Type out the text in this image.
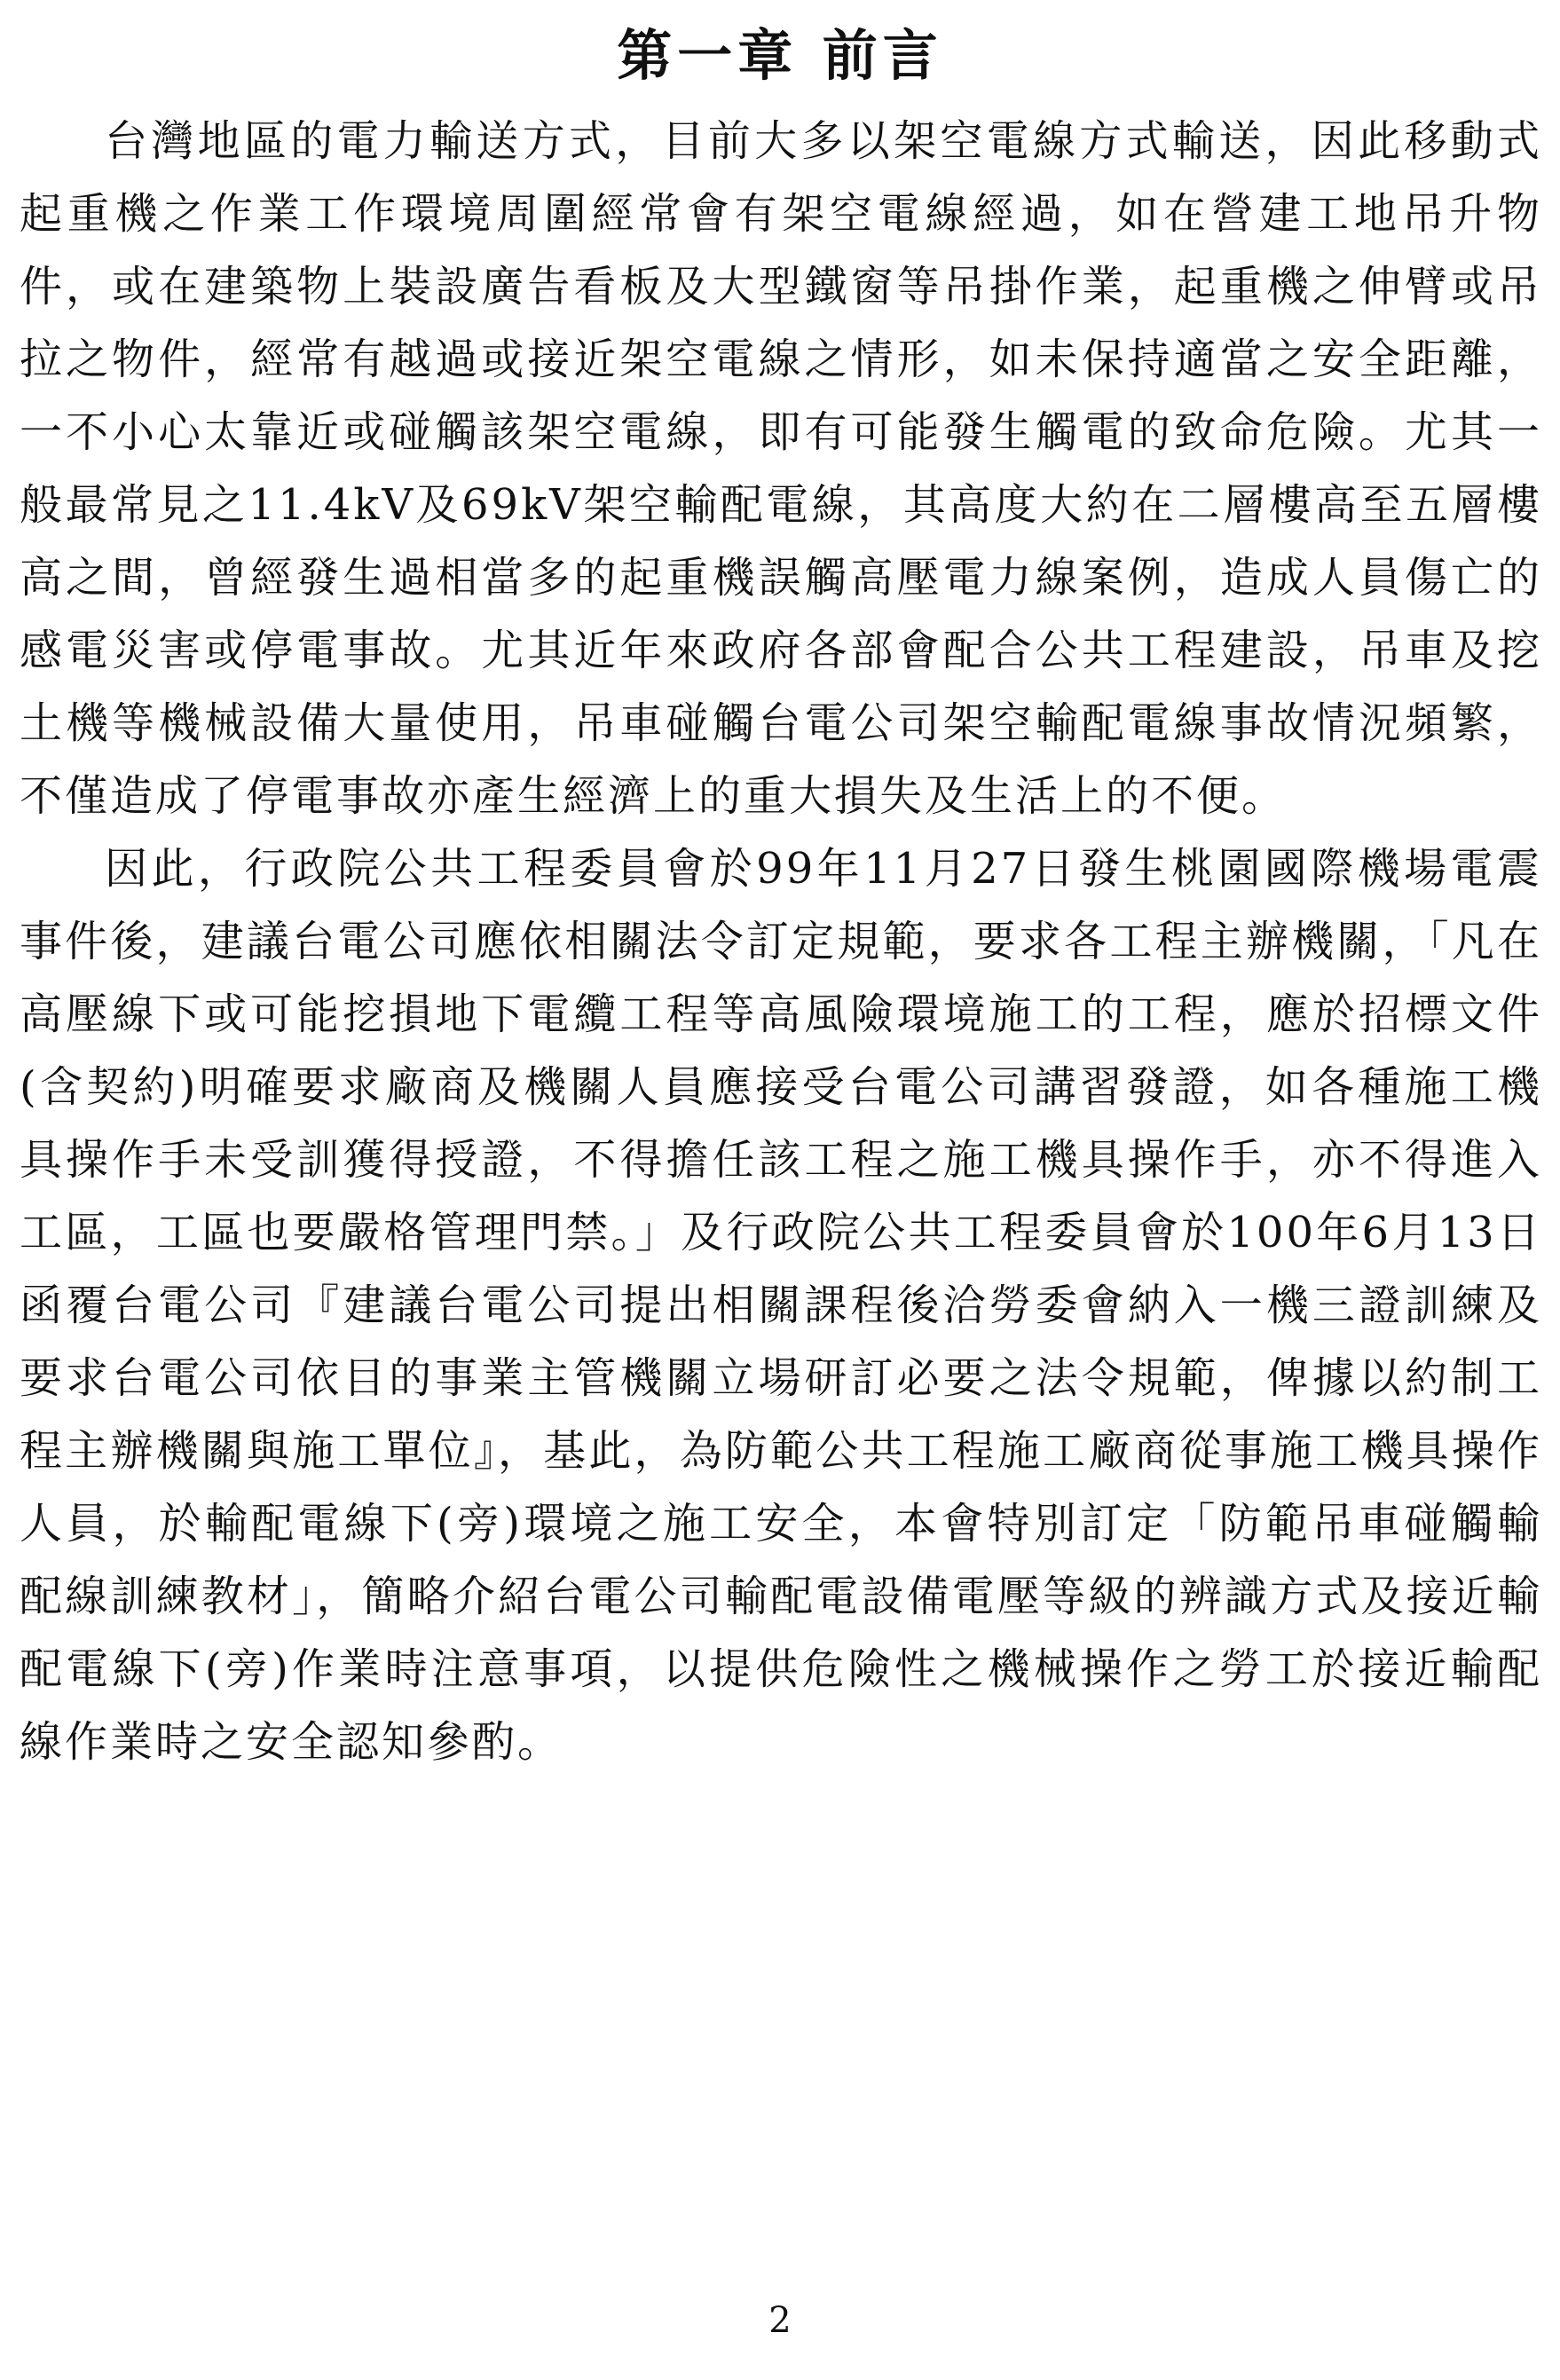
第一章 前言

台灣地區的電力輸送方式，目前大多以架空電線方式輸送，因此移動式起重機之作業工作環境周圍經常會有架空電線經過，如在營建工地吊升物件，或在建築物上裝設廣告看板及大型鐵窗等吊掛作業，起重機之伸臂或吊拉之物件，經常有越過或接近架空電線之情形，如未保持適當之安全距離，一不小心太靠近或碰觸該架空電線，即有可能發生觸電的致命危險。尤其一般最常見之11.4kV及69kV架空輸配電線，其高度大約在二層樓高至五層樓高之間，曾經發生過相當多的起重機誤觸高壓電力線案例，造成人員傷亡的感電災害或停電事故。尤其近年來政府各部會配合公共工程建設，吊車及挖土機等機械設備大量使用，吊車碰觸台電公司架空輸配電線事故情況頻繁，不僅造成了停電事故亦產生經濟上的重大損失及生活上的不便。

因此，行政院公共工程委員會於99年11月27日發生桃園國際機場電震事件後，建議台電公司應依相關法令訂定規範，要求各工程主辦機關，「凡在高壓線下或可能挖損地下電纜工程等高風險環境施工的工程，應於招標文件(含契約)明確要求廠商及機關人員應接受台電公司講習發證，如各種施工機具操作手未受訓獲得授證，不得擔任該工程之施工機具操作手，亦不得進入工區，工區也要嚴格管理門禁。」及行政院公共工程委員會於100年6月13日函覆台電公司『建議台電公司提出相關課程後洽勞委會納入一機三證訓練及要求台電公司依目的事業主管機關立場研訂必要之法令規範，俾據以約制工程主辦機關與施工單位』，基此，為防範公共工程施工廠商從事施工機具操作人員，於輸配電線下(旁)環境之施工安全，本會特別訂定「防範吊車碰觸輸配線訓練教材」，簡略介紹台電公司輸配電設備電壓等級的辨識方式及接近輸配電線下(旁)作業時注意事項，以提供危險性之機械操作之勞工於接近輸配線作業時之安全認知參酌。

2
